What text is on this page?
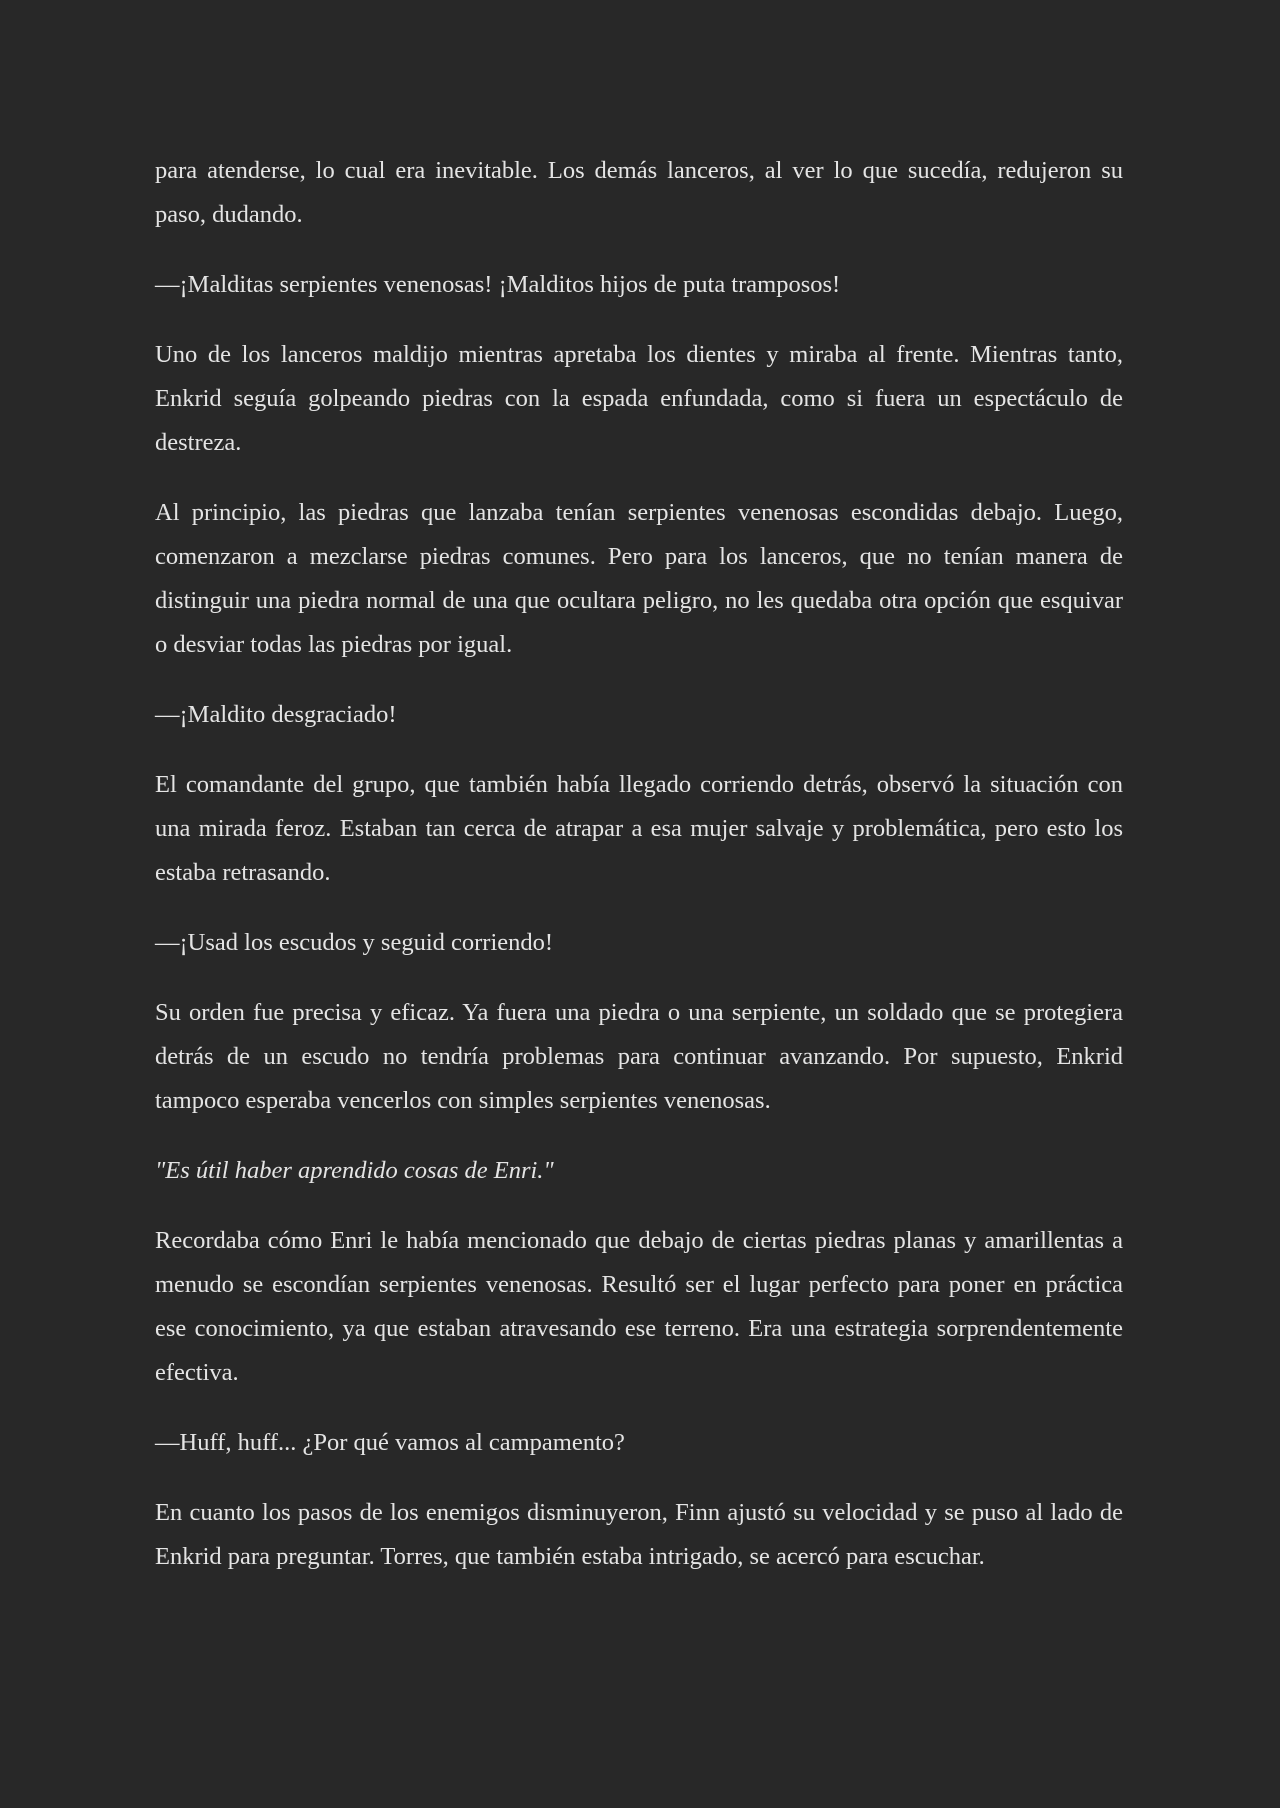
para atenderse, lo cual era inevitable. Los demás lanceros, al ver lo que sucedía, redujeron su paso, dudando.

—¡Malditas serpientes venenosas! ¡Malditos hijos de puta tramposos!

Uno de los lanceros maldijo mientras apretaba los dientes y miraba al frente. Mientras tanto, Enkrid seguía golpeando piedras con la espada enfundada, como si fuera un espectáculo de destreza.

Al principio, las piedras que lanzaba tenían serpientes venenosas escondidas debajo. Luego, comenzaron a mezclarse piedras comunes. Pero para los lanceros, que no tenían manera de distinguir una piedra normal de una que ocultara peligro, no les quedaba otra opción que esquivar o desviar todas las piedras por igual.

—¡Maldito desgraciado!

El comandante del grupo, que también había llegado corriendo detrás, observó la situación con una mirada feroz. Estaban tan cerca de atrapar a esa mujer salvaje y problemática, pero esto los estaba retrasando.

—¡Usad los escudos y seguid corriendo!

Su orden fue precisa y eficaz. Ya fuera una piedra o una serpiente, un soldado que se protegiera detrás de un escudo no tendría problemas para continuar avanzando. Por supuesto, Enkrid tampoco esperaba vencerlos con simples serpientes venenosas.

"Es útil haber aprendido cosas de Enri."

Recordaba cómo Enri le había mencionado que debajo de ciertas piedras planas y amarillentas a menudo se escondían serpientes venenosas. Resultó ser el lugar perfecto para poner en práctica ese conocimiento, ya que estaban atravesando ese terreno. Era una estrategia sorprendentemente efectiva.

—Huff, huff... ¿Por qué vamos al campamento?

En cuanto los pasos de los enemigos disminuyeron, Finn ajustó su velocidad y se puso al lado de Enkrid para preguntar. Torres, que también estaba intrigado, se acercó para escuchar.
